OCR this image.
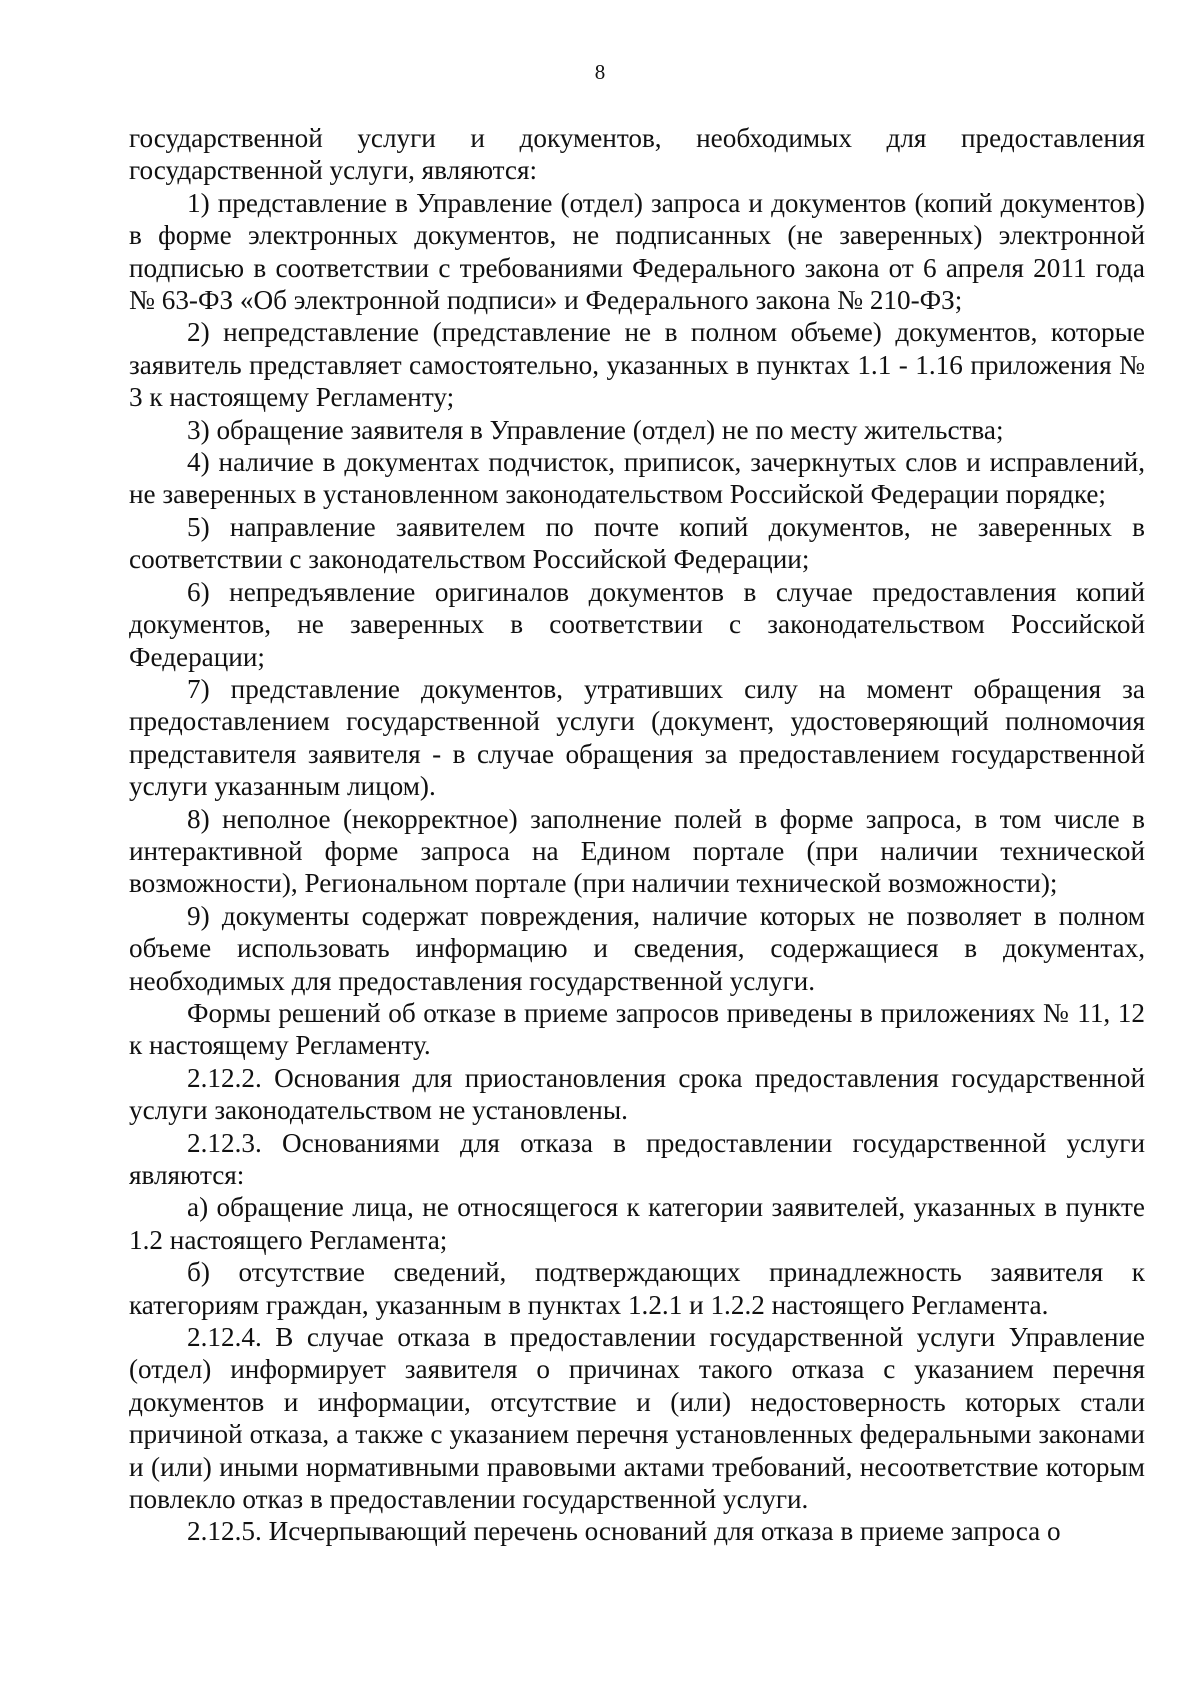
8

государственной услуги и документов, необходимых для предоставления государственной услуги, являются:

1) представление в Управление (отдел) запроса и документов (копий документов) в форме электронных документов, не подписанных (не заверенных) электронной подписью в соответствии с требованиями Федерального закона от 6 апреля 2011 года № 63-ФЗ «Об электронной подписи» и Федерального закона № 210-ФЗ;

2) непредставление (представление не в полном объеме) документов, которые заявитель представляет самостоятельно, указанных в пунктах 1.1 - 1.16 приложения № 3 к настоящему Регламенту;

3) обращение заявителя в Управление (отдел) не по месту жительства;

4) наличие в документах подчисток, приписок, зачеркнутых слов и исправлений, не заверенных в установленном законодательством Российской Федерации порядке;

5) направление заявителем по почте копий документов, не заверенных в соответствии с законодательством Российской Федерации;

6) непредъявление оригиналов документов в случае предоставления копий документов, не заверенных в соответствии с законодательством Российской Федерации;

7) представление документов, утративших силу на момент обращения за предоставлением государственной услуги (документ, удостоверяющий полномочия представителя заявителя - в случае обращения за предоставлением государственной услуги указанным лицом).

8) неполное (некорректное) заполнение полей в форме запроса, в том числе в интерактивной форме запроса на Едином портале (при наличии технической возможности), Региональном портале (при наличии технической возможности);

9) документы содержат повреждения, наличие которых не позволяет в полном объеме использовать информацию и сведения, содержащиеся в документах, необходимых для предоставления государственной услуги.

Формы решений об отказе в приеме запросов приведены в приложениях № 11, 12 к настоящему Регламенту.

2.12.2. Основания для приостановления срока предоставления государственной услуги законодательством не установлены.

2.12.3. Основаниями для отказа в предоставлении государственной услуги являются:

а) обращение лица, не относящегося к категории заявителей, указанных в пункте 1.2 настоящего Регламента;

б) отсутствие сведений, подтверждающих принадлежность заявителя к категориям граждан, указанным в пунктах 1.2.1 и 1.2.2 настоящего Регламента.

2.12.4. В случае отказа в предоставлении государственной услуги Управление (отдел) информирует заявителя о причинах такого отказа с указанием перечня документов и информации, отсутствие и (или) недостоверность которых стали причиной отказа, а также с указанием перечня установленных федеральными законами и (или) иными нормативными правовыми актами требований, несоответствие которым повлекло отказ в предоставлении государственной услуги.

2.12.5. Исчерпывающий перечень оснований для отказа в приеме запроса о
